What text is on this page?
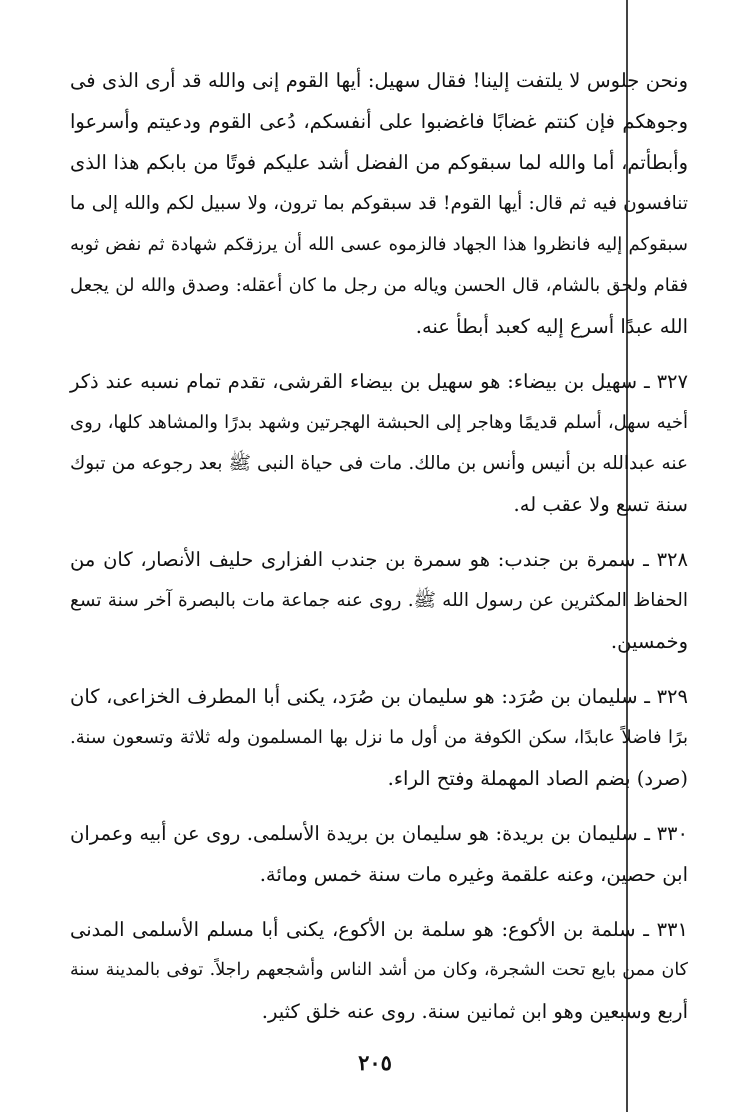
ونحن جلوس لا يلتفت إلينا! فقال سهيل: أيها القوم إنى والله قد أرى الذى فى
وجوهكم فإن كنتم غضابًا فاغضبوا على أنفسكم، دُعى القوم ودعيتم وأسرعوا
وأبطأتم، أما والله لما سبقوكم من الفضل أشد عليكم فوتًا من بابكم هذا الذى
تنافسون فيه ثم قال: أيها القوم! قد سبقوكم بما ترون، ولا سبيل لكم والله إلى ما
سبقوكم إليه فانظروا هذا الجهاد فالزموه عسى الله أن يرزقكم شهادة ثم نفض ثوبه
فقام ولحق بالشام، قال الحسن وياله من رجل ما كان أعقله: وصدق والله لن يجعل
الله عبدًا أسرع إليه كعبد أبطأ عنه.
٣٢٧ ـ سهيل بن بيضاء: هو سهيل بن بيضاء القرشى، تقدم تمام نسبه عند ذكر
أخيه سهل، أسلم قديمًا وهاجر إلى الحبشة الهجرتين وشهد بدرًا والمشاهد كلها، روى
عنه عبدالله بن أنيس وأنس بن مالك. مات فى حياة النبى ﷺ بعد رجوعه من تبوك
سنة تسع ولا عقب له.
٣٢٨ ـ سمرة بن جندب: هو سمرة بن جندب الفزارى حليف الأنصار، كان من
الحفاظ المكثرين عن رسول الله ﷺ. روى عنه جماعة مات بالبصرة آخر سنة تسع
وخمسين.
٣٢٩ ـ سليمان بن صُرَد: هو سليمان بن صُرَد، يكنى أبا المطرف الخزاعى، كان
برًا فاضلاً عابدًا، سكن الكوفة من أول ما نزل بها المسلمون وله ثلاثة وتسعون سنة.
(صرد) بضم الصاد المهملة وفتح الراء.
٣٣٠ ـ سليمان بن بريدة: هو سليمان بن بريدة الأسلمى. روى عن أبيه وعمران
ابن حصين، وعنه علقمة وغيره مات سنة خمس ومائة.
٣٣١ ـ سلمة بن الأكوع: هو سلمة بن الأكوع، يكنى أبا مسلم الأسلمى المدنى
كان ممن بايع تحت الشجرة، وكان من أشد الناس وأشجعهم راجلاً. توفى بالمدينة سنة
أربع وسبعين وهو ابن ثمانين سنة. روى عنه خلق كثير.
٢٠٥
